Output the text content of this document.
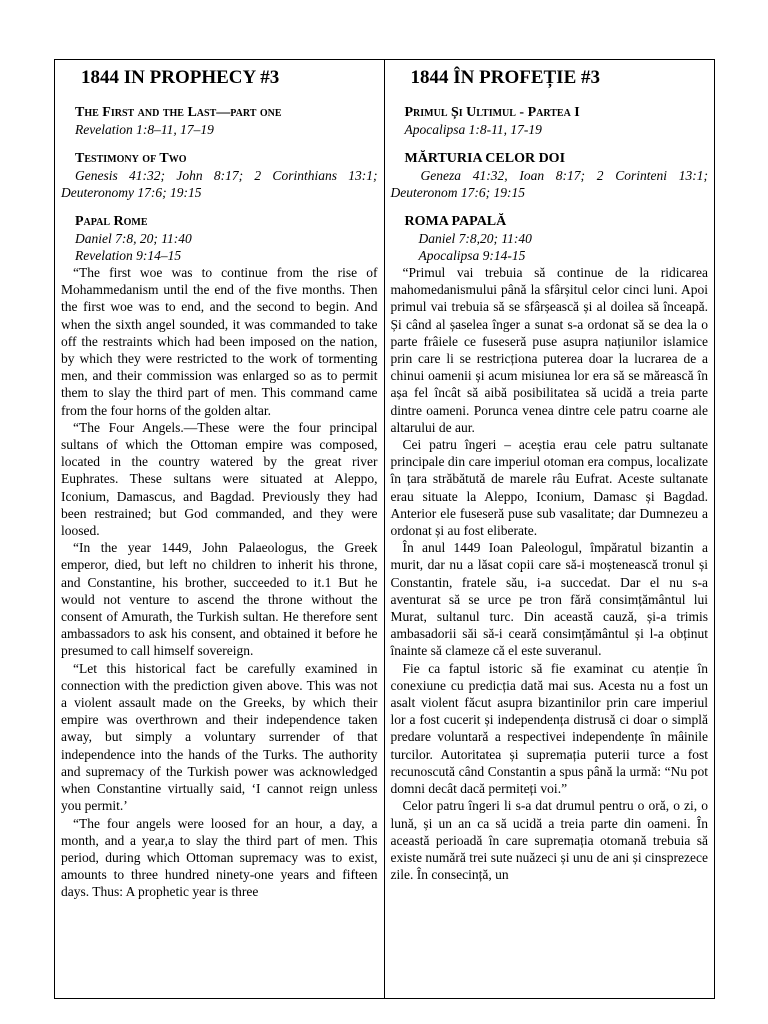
1844 IN PROPHECY #3
The First and the Last—part one
Revelation 1:8–11, 17–19
Testimony of Two
Genesis 41:32; John 8:17; 2 Corinthians 13:1; Deuteronomy 17:6; 19:15
Papal Rome
Daniel 7:8, 20; 11:40
Revelation 9:14–15

“The first woe was to continue from the rise of Mohammedanism until the end of the five months. Then the first woe was to end, and the second to begin. And when the sixth angel sounded, it was commanded to take off the restraints which had been imposed on the nation, by which they were restricted to the work of tormenting men, and their commission was enlarged so as to permit them to slay the third part of men. This command came from the four horns of the golden altar.

“The Four Angels.—These were the four principal sultans of which the Ottoman empire was composed, located in the country watered by the great river Euphrates. These sultans were situated at Aleppo, Iconium, Damascus, and Bagdad. Previously they had been restrained; but God commanded, and they were loosed.

“In the year 1449, John Palaeologus, the Greek emperor, died, but left no children to inherit his throne, and Constantine, his brother, succeeded to it.1 But he would not venture to ascend the throne without the consent of Amurath, the Turkish sultan. He therefore sent ambassadors to ask his consent, and obtained it before he presumed to call himself sovereign.

“Let this historical fact be carefully examined in connection with the prediction given above. This was not a violent assault made on the Greeks, by which their empire was overthrown and their independence taken away, but simply a voluntary surrender of that independence into the hands of the Turks. The authority and supremacy of the Turkish power was acknowledged when Constantine virtually said, ‘I cannot reign unless you permit.’

“The four angels were loosed for an hour, a day, a month, and a year,a to slay the third part of men. This period, during which Ottoman supremacy was to exist, amounts to three hundred ninety-one years and fifteen days. Thus: A prophetic year is three

1844 ÎN PROFEȚIE #3
Primul Și Ultimul - Partea I
Apocalipsa 1:8-11, 17-19
MĂRTURIA CELOR DOI
Geneza 41:32, Ioan 8:17; 2 Corinteni 13:1; Deuteronom 17:6; 19:15
ROMA PAPALĂ
Daniel 7:8,20; 11:40
Apocalipsa 9:14-15

“Primul vai trebuia să continue de la ridicarea mahomedanismului până la sfârșitul celor cinci luni. Apoi primul vai trebuia să se sfârșească și al doilea să înceapă. Și când al șaselea înger a sunat s-a ordonat să se dea la o parte frâiele ce fuseseră puse asupra națiunilor islamice prin care li se restricționa puterea doar la lucrarea de a chinui oamenii și acum misiunea lor era să se mărească în așa fel încât să aibă posibilitatea să ucidă a treia parte dintre oameni. Porunca venea dintre cele patru coarne ale altarului de aur.

Cei patru îngeri – aceștia erau cele patru sultanate principale din care imperiul otoman era compus, localizate în țara străbătută de marele râu Eufrat. Aceste sultanate erau situate la Aleppo, Iconium, Damasc și Bagdad. Anterior ele fuseseră puse sub vasalitate; dar Dumnezeu a ordonat și au fost eliberate.

În anul 1449 Ioan Paleologul, împăratul bizantin a murit, dar nu a lăsat copii care să-i moștenească tronul și Constantin, fratele său, i-a succedat. Dar el nu s-a aventurat să se urce pe tron fără consimțământul lui Murat, sultanul turc. Din această cauză, și-a trimis ambasadorii săi să-i ceară consimțământul și l-a obținut înainte să clameze că el este suveranul.

Fie ca faptul istoric să fie examinat cu atenție în conexiune cu predicția dată mai sus. Acesta nu a fost un asalt violent făcut asupra bizantinilor prin care imperiul lor a fost cucerit și independența distrusă ci doar o simplă predare voluntară a respectivei independențe în mâinile turcilor. Autoritatea și supremația puterii turce a fost recunoscută când Constantin a spus până la urmă: “Nu pot domni decât dacă permiteți voi.”

Celor patru îngeri li s-a dat drumul pentru o oră, o zi, o lună, și un an ca să ucidă a treia parte din oameni. În această perioadă în care supremația otomană trebuia să existe numără trei sute nuăzeci și unu de ani și cinsprezece zile. În consecință, un
